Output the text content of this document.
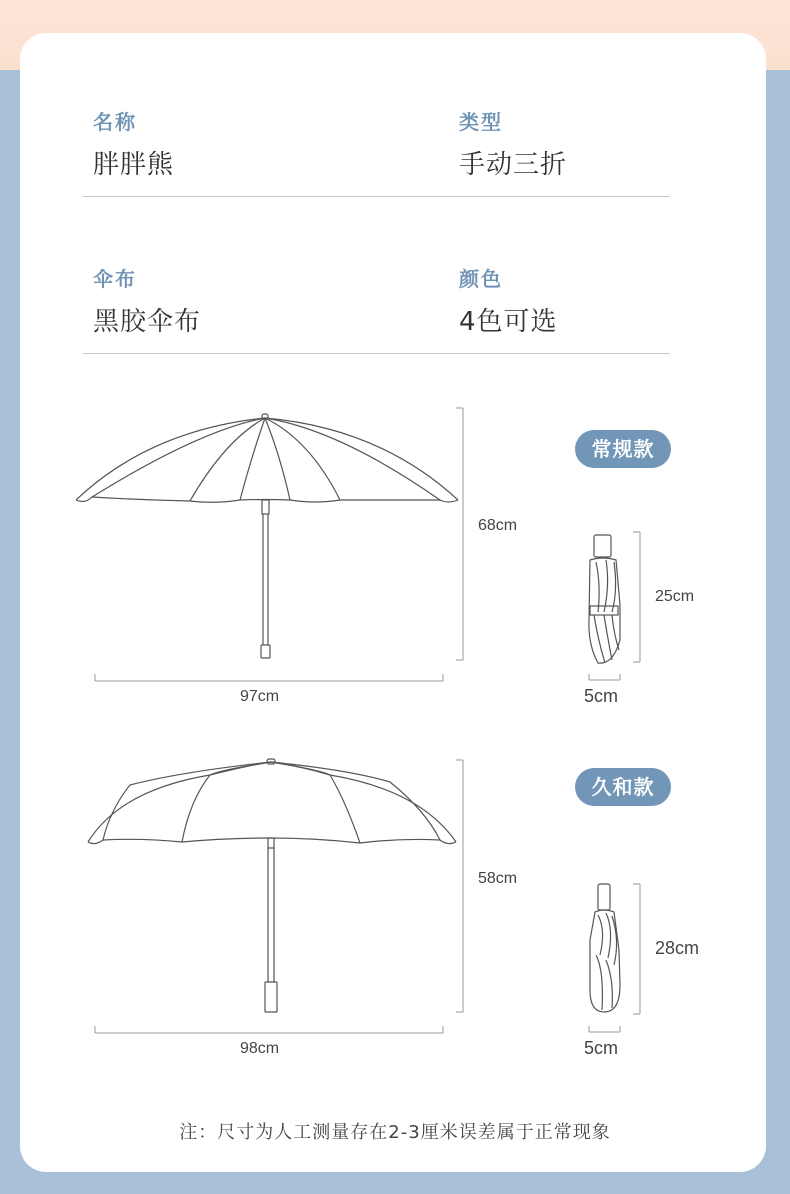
名称
胖胖熊
类型
手动三折
伞布
黑胶伞布
颜色
4色可选
常规款
68cm
97cm
25cm
5cm
久和款
58cm
98cm
28cm
5cm
注：尺寸为人工测量存在2-3厘米误差属于正常现象
